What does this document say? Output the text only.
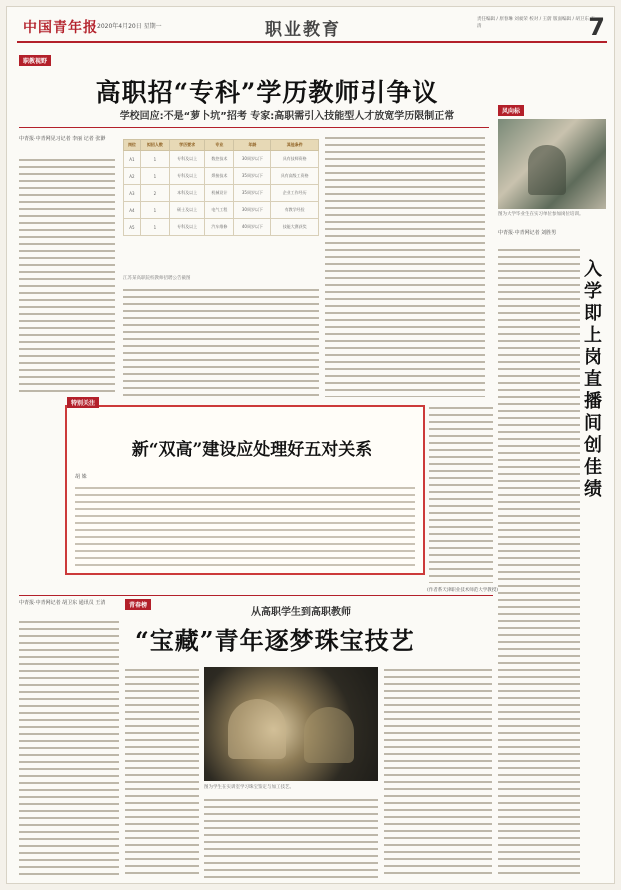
中国青年报 2020年4月20日 星期一	职业教育
责任编辑 / 原春琳 刘昶荣 校对 / 王蔚 版面编辑 / 胡卫东 王清	7
职教视野
高职招“专科”学历教师引争议
学校回应:不是“萝卜坑”招考 专家:高职需引入技能型人才放宽学历限制正常
中青报·中青网见习记者 李丽 记者 张渺
岗位	拟招人数	学历要求	专业	年龄	其他条件
A1	1	专科及以上	数控技术	30周岁以下	具有技师资格
A2	1	专科及以上	焊接技术	35周岁以下	具有高级工资格
A3	2	本科及以上	机械设计	35周岁以下	企业工作经历
A4	1	硕士及以上	电气工程	30周岁以下	有教学经验
A5	1	专科及以上	汽车维修	40周岁以下	技能大赛获奖
江苏某高职院校教师招聘公告截图
风向标
图为大学毕业生在实习单位参加岗位培训。
中青报·中青网记者 刘胜男
入学即上岗 直播间创佳绩
特别关注
新“双高”建设应处理好五对关系
胡 姝
(作者系天津职业技术师范大学教授)
青春榜
从高职学生到高职教师
“宝藏”青年逐梦珠宝技艺
中青报·中青网记者 胡卫东 通讯员 王清
图为学生在实训室学习珠宝鉴定与加工技艺。
